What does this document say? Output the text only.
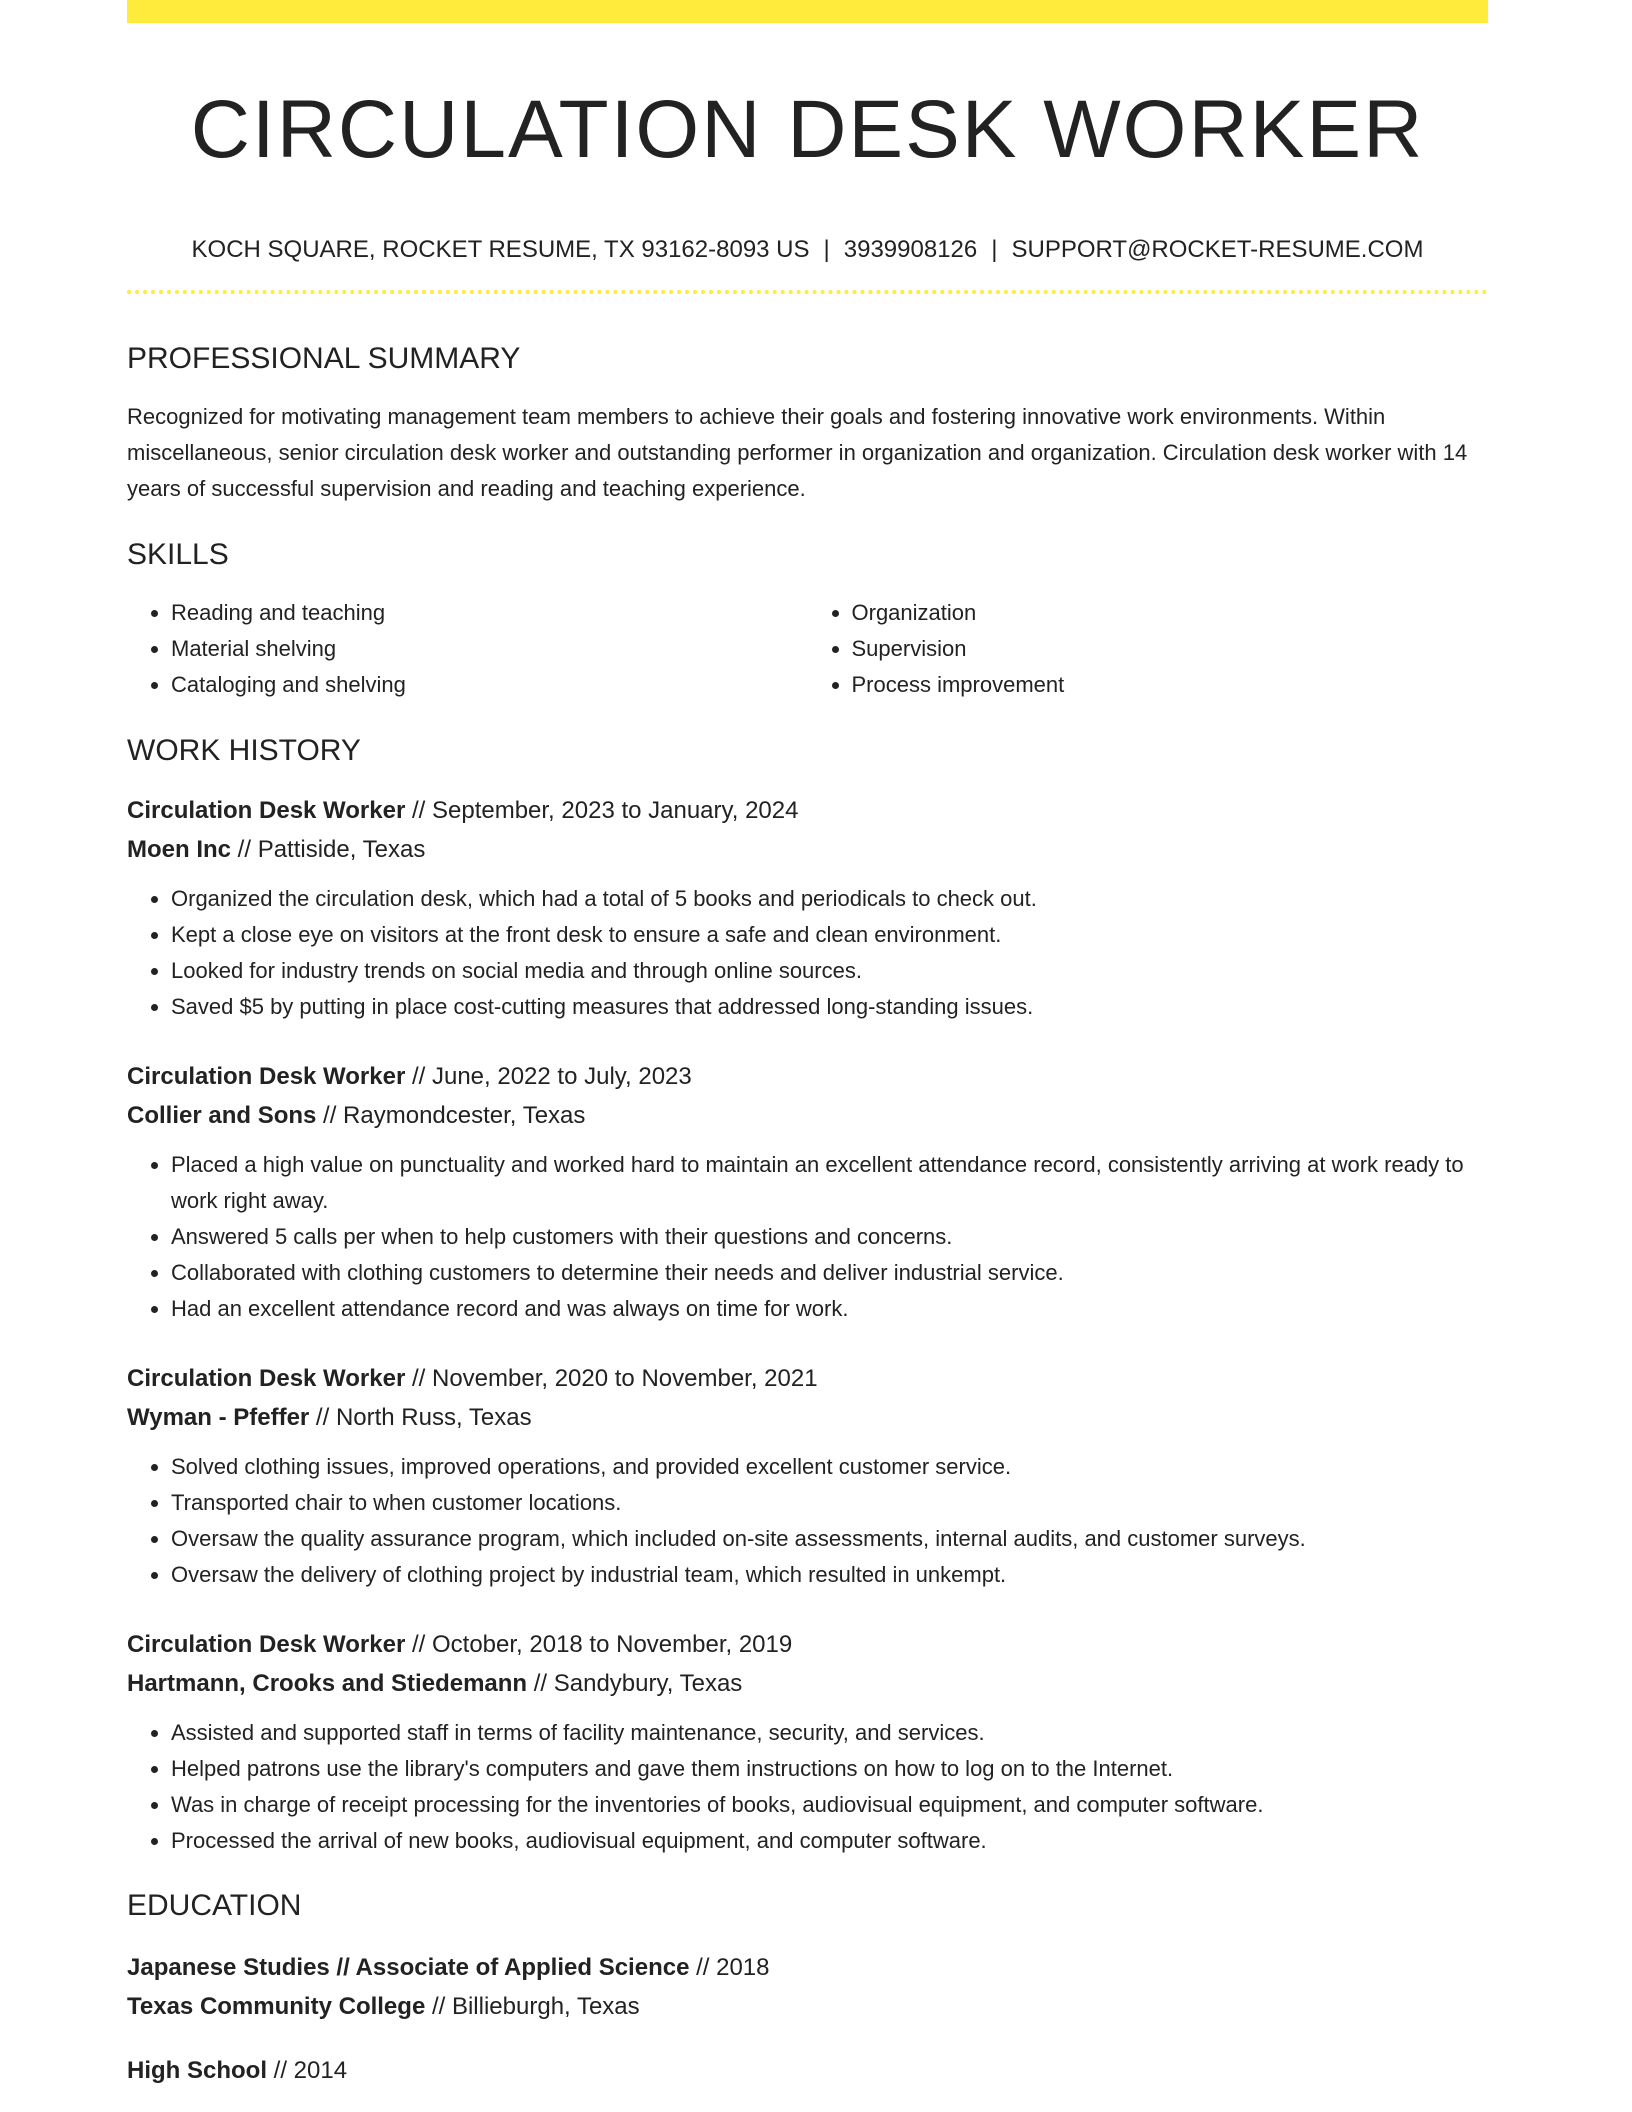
CIRCULATION DESK WORKER
KOCH SQUARE, ROCKET RESUME, TX 93162-8093 US | 3939908126 | SUPPORT@ROCKET-RESUME.COM
PROFESSIONAL SUMMARY
Recognized for motivating management team members to achieve their goals and fostering innovative work environments. Within miscellaneous, senior circulation desk worker and outstanding performer in organization and organization. Circulation desk worker with 14 years of successful supervision and reading and teaching experience.
SKILLS
• Reading and teaching
• Material shelving
• Cataloging and shelving
• Organization
• Supervision
• Process improvement
WORK HISTORY
Circulation Desk Worker // September, 2023 to January, 2024
Moen Inc // Pattiside, Texas
• Organized the circulation desk, which had a total of 5 books and periodicals to check out.
• Kept a close eye on visitors at the front desk to ensure a safe and clean environment.
• Looked for industry trends on social media and through online sources.
• Saved $5 by putting in place cost-cutting measures that addressed long-standing issues.
Circulation Desk Worker // June, 2022 to July, 2023
Collier and Sons // Raymondcester, Texas
• Placed a high value on punctuality and worked hard to maintain an excellent attendance record, consistently arriving at work ready to work right away.
• Answered 5 calls per when to help customers with their questions and concerns.
• Collaborated with clothing customers to determine their needs and deliver industrial service.
• Had an excellent attendance record and was always on time for work.
Circulation Desk Worker // November, 2020 to November, 2021
Wyman - Pfeffer // North Russ, Texas
• Solved clothing issues, improved operations, and provided excellent customer service.
• Transported chair to when customer locations.
• Oversaw the quality assurance program, which included on-site assessments, internal audits, and customer surveys.
• Oversaw the delivery of clothing project by industrial team, which resulted in unkempt.
Circulation Desk Worker // October, 2018 to November, 2019
Hartmann, Crooks and Stiedemann // Sandybury, Texas
• Assisted and supported staff in terms of facility maintenance, security, and services.
• Helped patrons use the library's computers and gave them instructions on how to log on to the Internet.
• Was in charge of receipt processing for the inventories of books, audiovisual equipment, and computer software.
• Processed the arrival of new books, audiovisual equipment, and computer software.
EDUCATION
Japanese Studies // Associate of Applied Science // 2018
Texas Community College // Billieburgh, Texas
High School // 2014
